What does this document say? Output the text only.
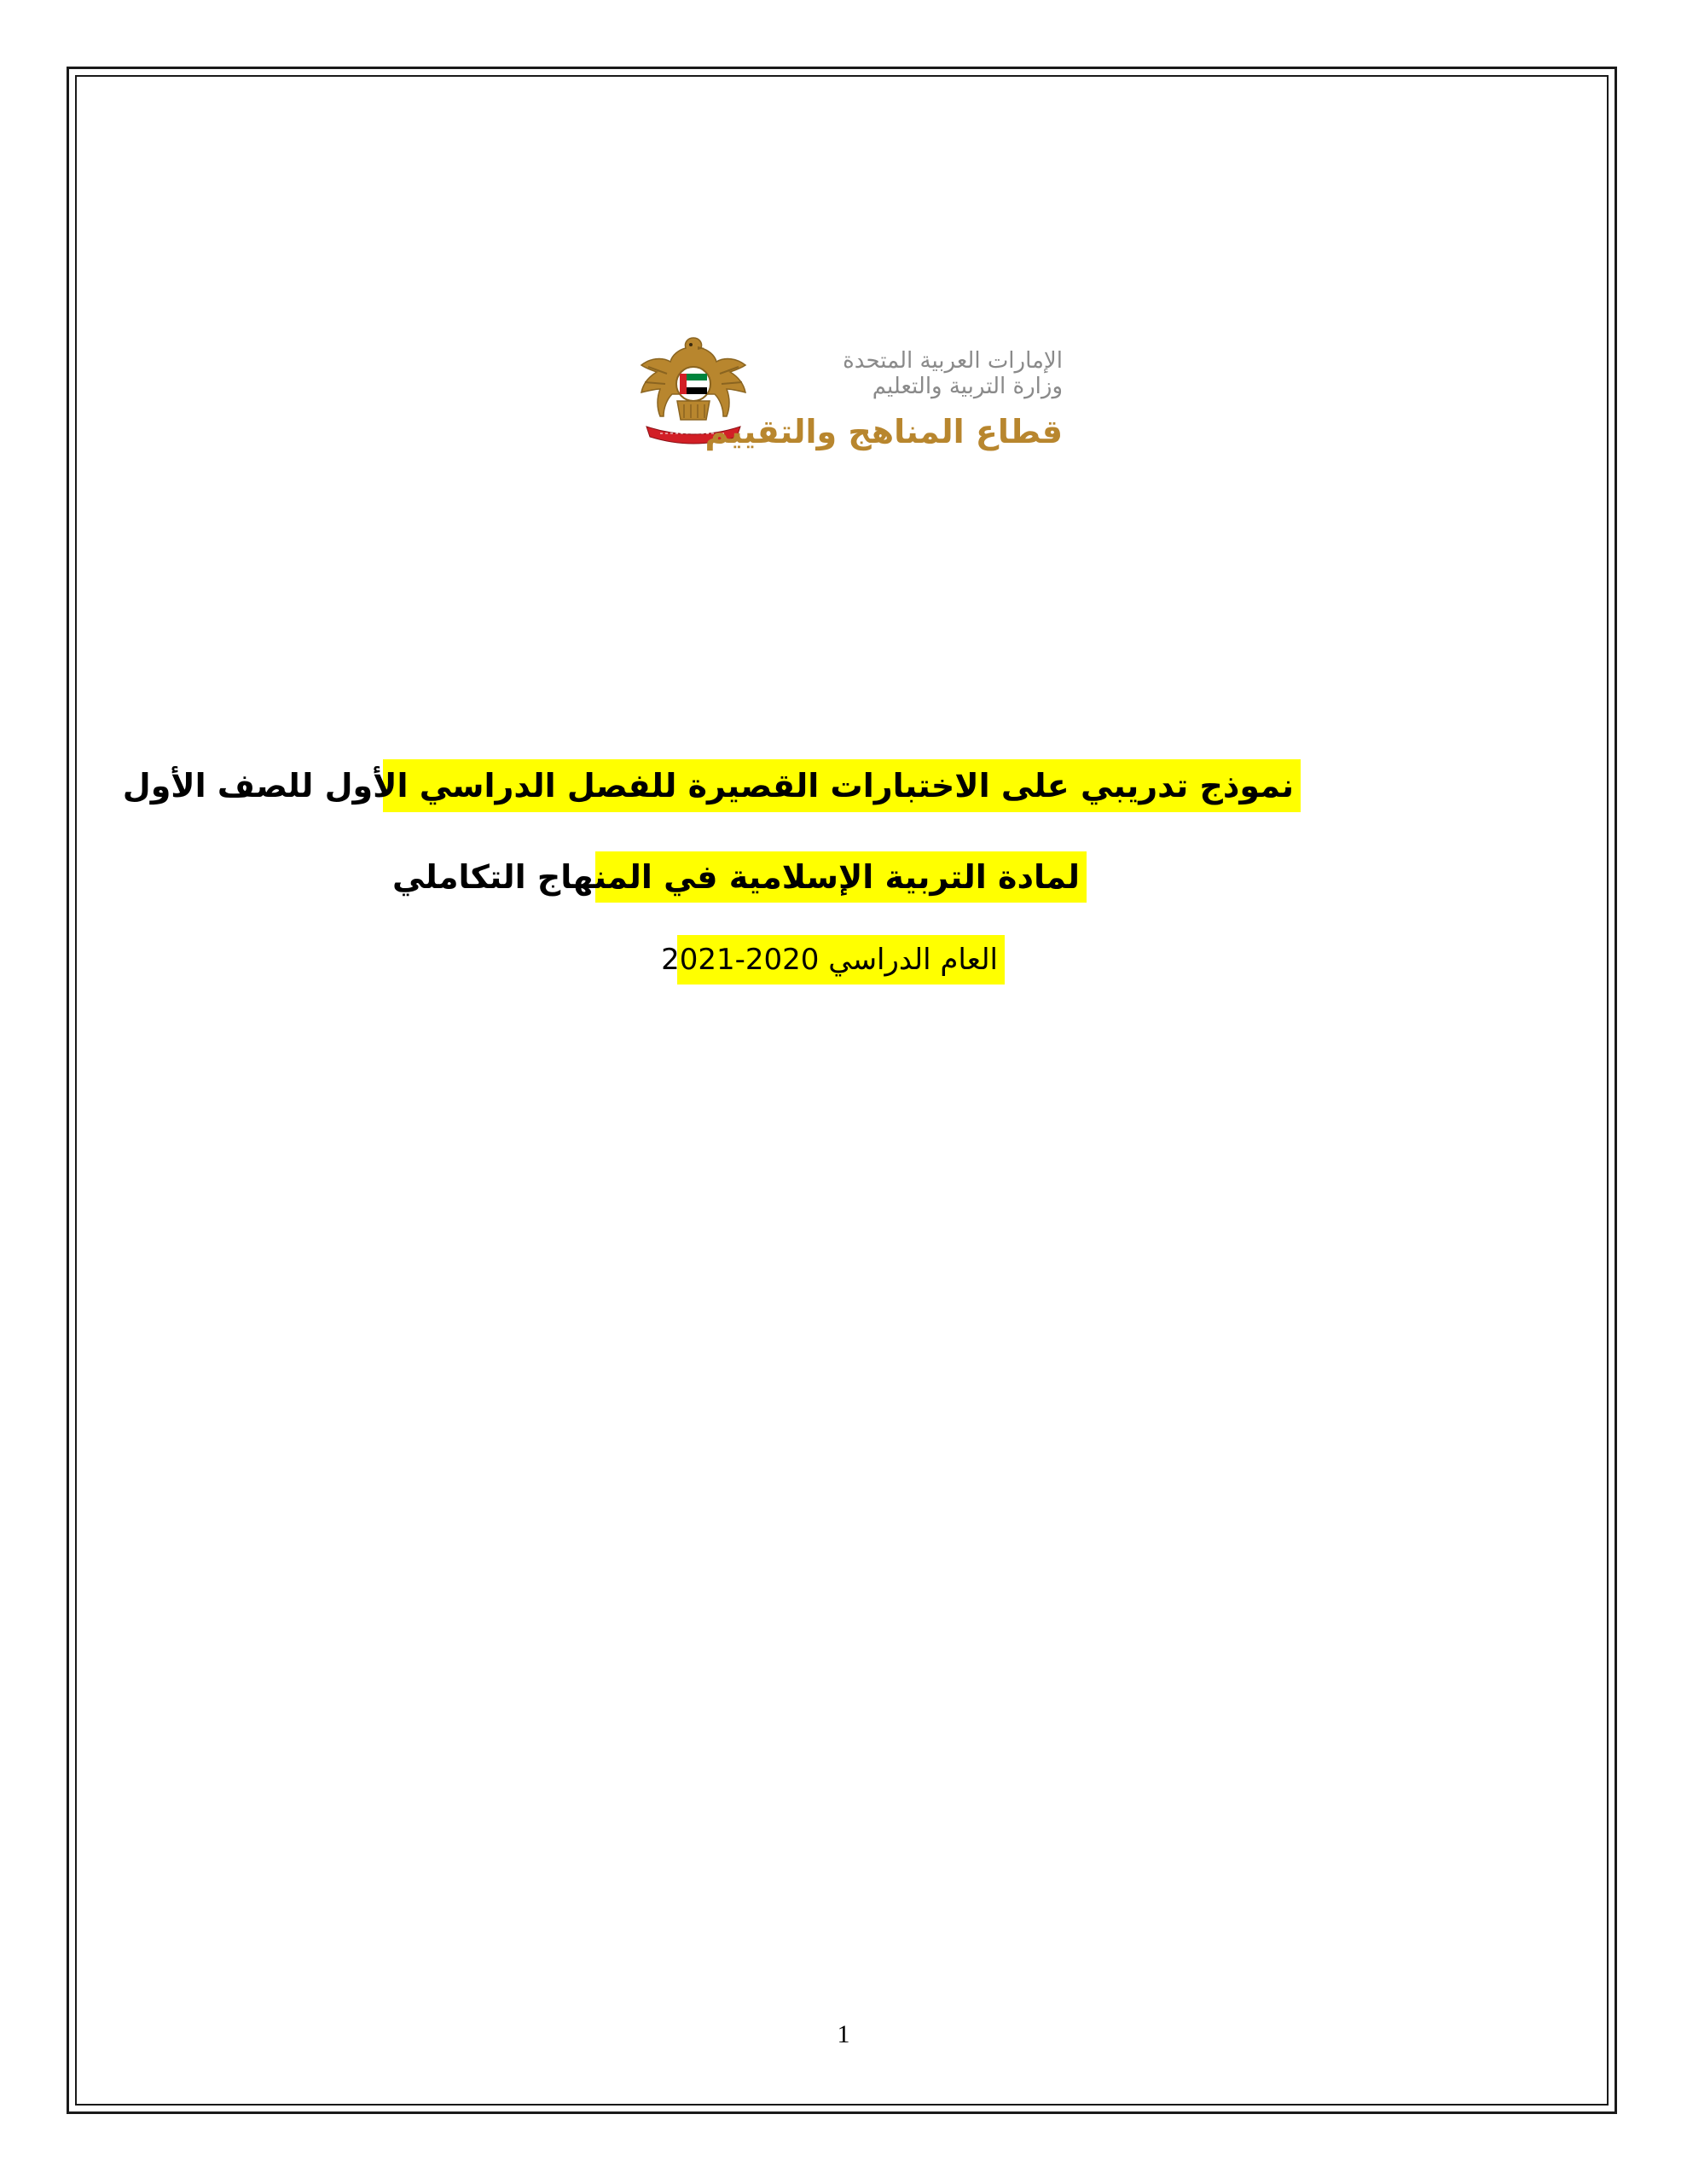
الإمارات العربية المتحدة
وزارة التربية والتعليم
قطاع المناهج والتقييم
نموذج تدريبي على الاختبارات القصيرة للفصل الدراسي الأول للصف الأول
لمادة التربية الإسلامية في المنهاج التكاملي
العام الدراسي 2020-2021
1
